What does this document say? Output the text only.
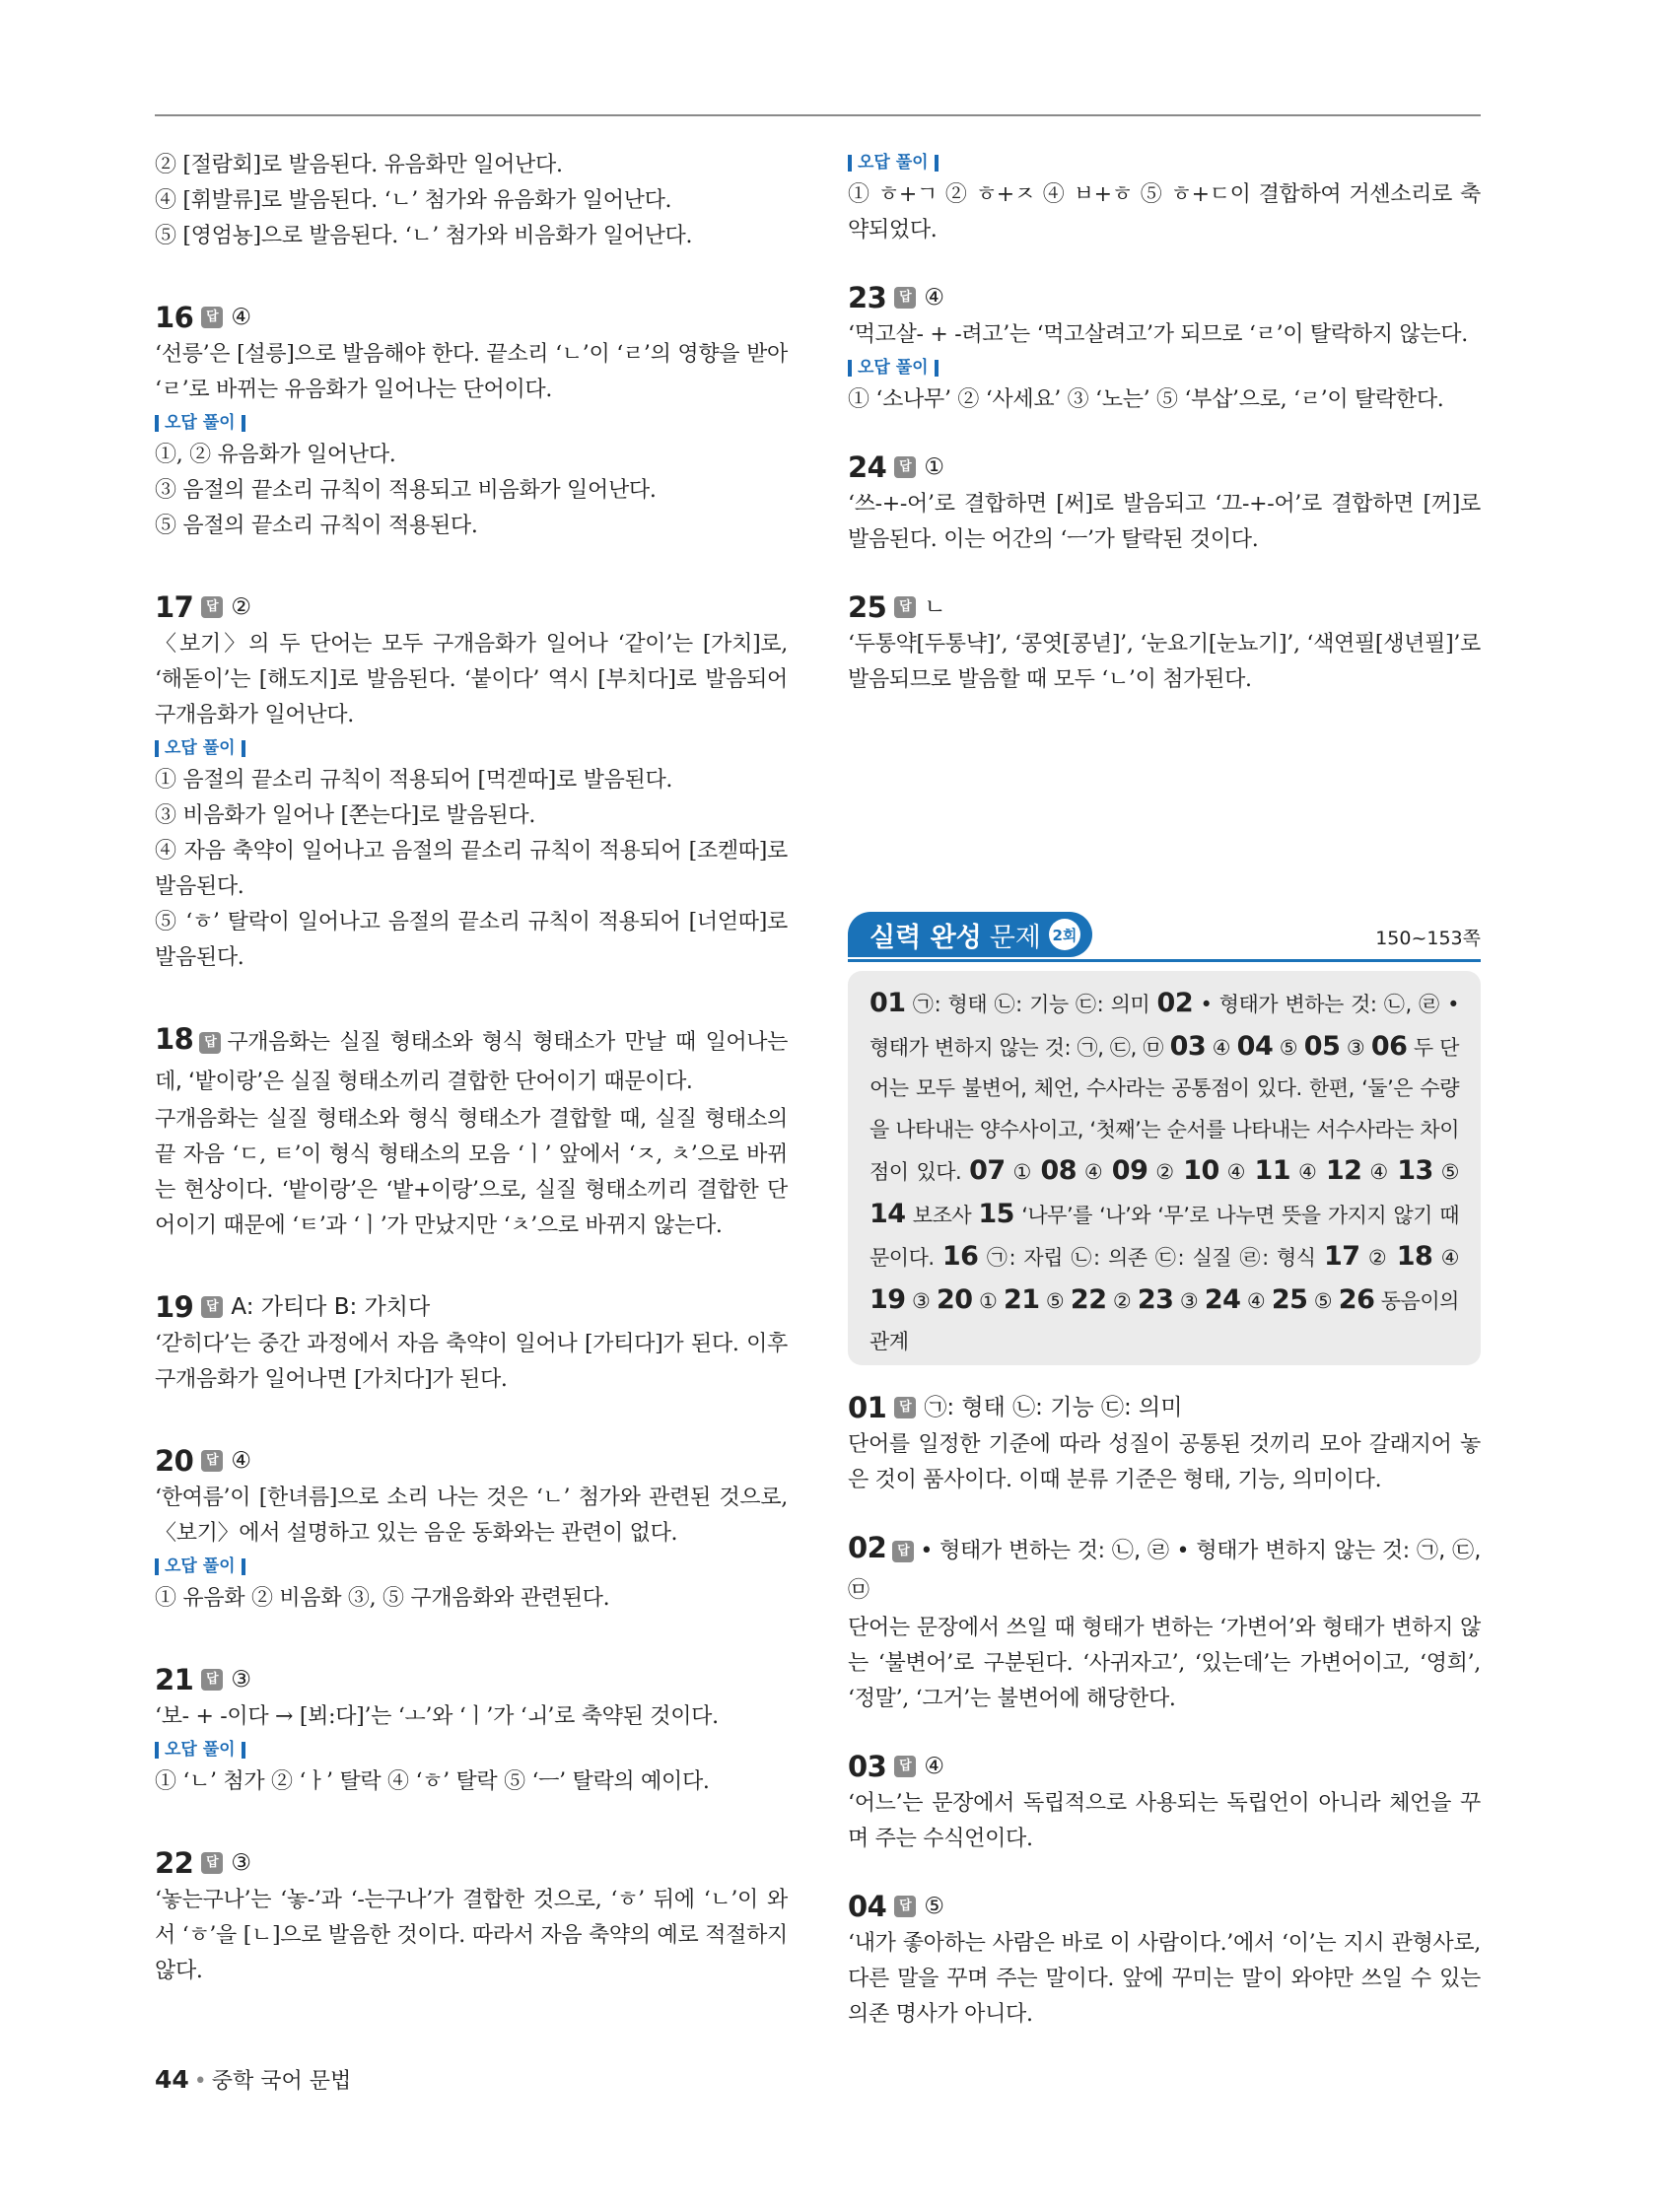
② [절람회]로 발음된다. 유음화만 일어난다.

④ [휘발류]로 발음된다. ‘ㄴ’ 첨가와 유음화가 일어난다.

⑤ [영엄뇽]으로 발음된다. ‘ㄴ’ 첨가와 비음화가 일어난다.

16 답 ④

‘선릉’은 [설릉]으로 발음해야 한다. 끝소리 ‘ㄴ’이 ‘ㄹ’의 영향을 받아 ‘ㄹ’로 바뀌는 유음화가 일어나는 단어이다.

오답 풀이

①, ② 유음화가 일어난다.

③ 음절의 끝소리 규칙이 적용되고 비음화가 일어난다.

⑤ 음절의 끝소리 규칙이 적용된다.

17 답 ②

〈보기〉의 두 단어는 모두 구개음화가 일어나 ‘같이’는 [가치]로, ‘해돋이’는 [해도지]로 발음된다. ‘붙이다’ 역시 [부치다]로 발음되어 구개음화가 일어난다.

오답 풀이

① 음절의 끝소리 규칙이 적용되어 [먹겓따]로 발음된다.

③ 비음화가 일어나 [쫀는다]로 발음된다.

④ 자음 축약이 일어나고 음절의 끝소리 규칙이 적용되어 [조켇따]로 발음된다.

⑤ ‘ㅎ’ 탈락이 일어나고 음절의 끝소리 규칙이 적용되어 [너얻따]로 발음된다.

18 답 구개음화는 실질 형태소와 형식 형태소가 만날 때 일어나는데, ‘밭이랑’은 실질 형태소끼리 결합한 단어이기 때문이다.

구개음화는 실질 형태소와 형식 형태소가 결합할 때, 실질 형태소의 끝 자음 ‘ㄷ, ㅌ’이 형식 형태소의 모음 ‘ㅣ’ 앞에서 ‘ㅈ, ㅊ’으로 바뀌는 현상이다. ‘밭이랑’은 ‘밭+이랑’으로, 실질 형태소끼리 결합한 단어이기 때문에 ‘ㅌ’과 ‘ㅣ’가 만났지만 ‘ㅊ’으로 바뀌지 않는다.

19 답 A: 가티다 B: 가치다

‘갇히다’는 중간 과정에서 자음 축약이 일어나 [가티다]가 된다. 이후 구개음화가 일어나면 [가치다]가 된다.

20 답 ④

‘한여름’이 [한녀름]으로 소리 나는 것은 ‘ㄴ’ 첨가와 관련된 것으로, 〈보기〉에서 설명하고 있는 음운 동화와는 관련이 없다.

오답 풀이

① 유음화 ② 비음화 ③, ⑤ 구개음화와 관련된다.

21 답 ③

‘보- + -이다 → [뵈:다]’는 ‘ㅗ’와 ‘ㅣ’가 ‘ㅚ’로 축약된 것이다.

오답 풀이

① ‘ㄴ’ 첨가 ② ‘ㅏ’ 탈락 ④ ‘ㅎ’ 탈락 ⑤ ‘ㅡ’ 탈락의 예이다.

22 답 ③

‘놓는구나’는 ‘놓-’과 ‘-는구나’가 결합한 것으로, ‘ㅎ’ 뒤에 ‘ㄴ’이 와서 ‘ㅎ’을 [ㄴ]으로 발음한 것이다. 따라서 자음 축약의 예로 적절하지 않다.

오답 풀이

① ㅎ+ㄱ ② ㅎ+ㅈ ④ ㅂ+ㅎ ⑤ ㅎ+ㄷ이 결합하여 거센소리로 축약되었다.

23 답 ④

‘먹고살- + -려고’는 ‘먹고살려고’가 되므로 ‘ㄹ’이 탈락하지 않는다.

오답 풀이

① ‘소나무’ ② ‘사세요’ ③ ‘노는’ ⑤ ‘부삽’으로, ‘ㄹ’이 탈락한다.

24 답 ①

‘쓰-+-어’로 결합하면 [써]로 발음되고 ‘끄-+-어’로 결합하면 [꺼]로 발음된다. 이는 어간의 ‘ㅡ’가 탈락된 것이다.

25 답 ㄴ

‘두통약[두통냑]’, ‘콩엿[콩녇]’, ‘눈요기[눈뇨기]’, ‘색연필[생년필]’로 발음되므로 발음할 때 모두 ‘ㄴ’이 첨가된다.

실력 완성 문제 2회	150~153쪽

01 ㉠: 형태 ㉡: 기능 ㉢: 의미 02 • 형태가 변하는 것: ㉡, ㉣ • 형태가 변하지 않는 것: ㉠, ㉢, ㉤ 03 ④ 04 ⑤ 05 ③ 06 두 단어는 모두 불변어, 체언, 수사라는 공통점이 있다. 한편, ‘둘’은 수량을 나타내는 양수사이고, ‘첫째’는 순서를 나타내는 서수사라는 차이점이 있다. 07 ① 08 ④ 09 ② 10 ④ 11 ④ 12 ④ 13 ⑤ 14 보조사 15 ‘나무’를 ‘나’와 ‘무’로 나누면 뜻을 가지지 않기 때문이다. 16 ㉠: 자립 ㉡: 의존 ㉢: 실질 ㉣: 형식 17 ② 18 ④ 19 ③ 20 ① 21 ⑤ 22 ② 23 ③ 24 ④ 25 ⑤ 26 동음이의 관계

01 답 ㉠: 형태 ㉡: 기능 ㉢: 의미

단어를 일정한 기준에 따라 성질이 공통된 것끼리 모아 갈래지어 놓은 것이 품사이다. 이때 분류 기준은 형태, 기능, 의미이다.

02 답 • 형태가 변하는 것: ㉡, ㉣ • 형태가 변하지 않는 것: ㉠, ㉢, ㉤

단어는 문장에서 쓰일 때 형태가 변하는 ‘가변어’와 형태가 변하지 않는 ‘불변어’로 구분된다. ‘사귀자고’, ‘있는데’는 가변어이고, ‘영희’, ‘정말’, ‘그거’는 불변어에 해당한다.

03 답 ④

‘어느’는 문장에서 독립적으로 사용되는 독립언이 아니라 체언을 꾸며 주는 수식언이다.

04 답 ⑤

‘내가 좋아하는 사람은 바로 이 사람이다.’에서 ‘이’는 지시 관형사로, 다른 말을 꾸며 주는 말이다. 앞에 꾸미는 말이 와야만 쓰일 수 있는 의존 명사가 아니다.

44 • 중학 국어 문법
